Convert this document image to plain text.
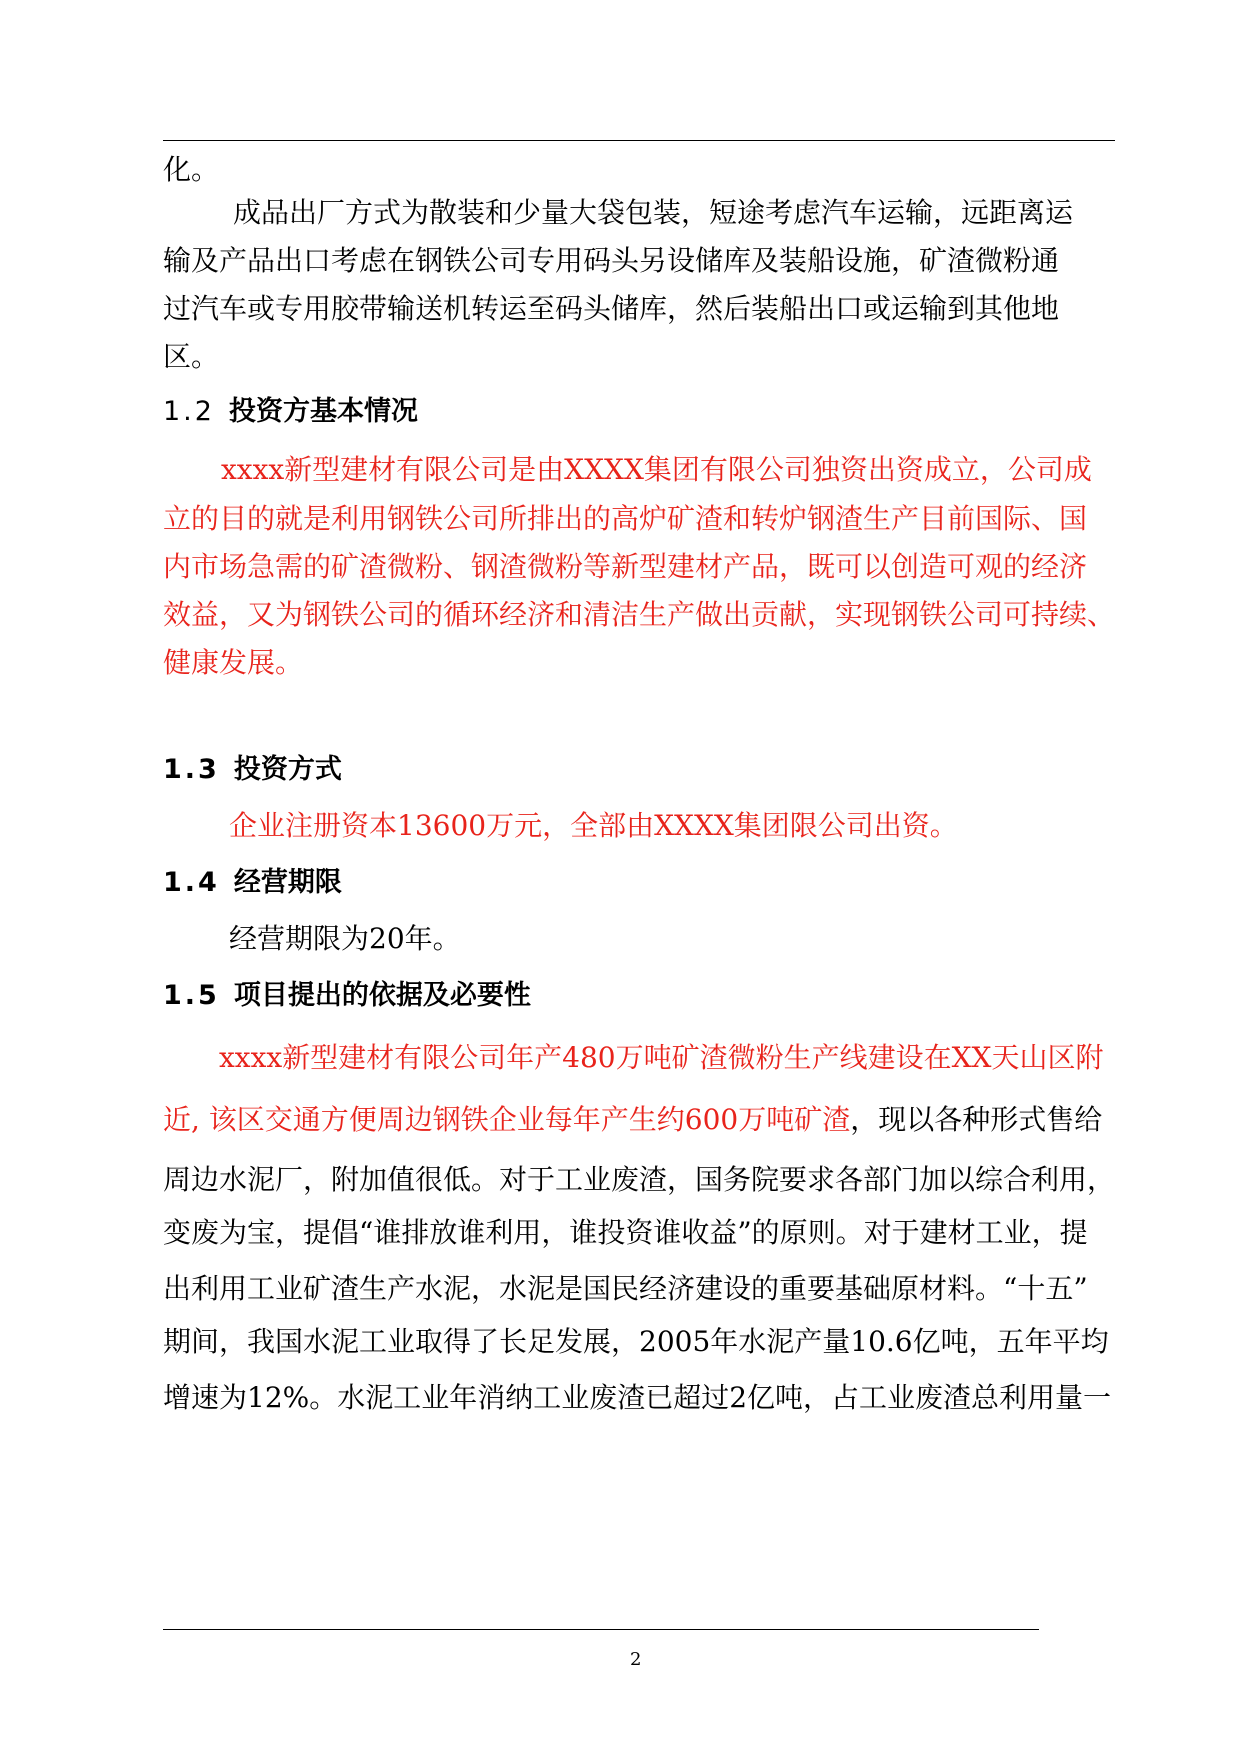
化。
成品出厂方式为散装和少量大袋包装，短途考虑汽车运输，远距离运
输及产品出口考虑在钢铁公司专用码头另设储库及装船设施，矿渣微粉通
过汽车或专用胶带输送机转运至码头储库，然后装船出口或运输到其他地
区。
1.2 投资方基本情况
xxxx新型建材有限公司是由XXXX集团有限公司独资出资成立，公司成
立的目的就是利用钢铁公司所排出的高炉矿渣和转炉钢渣生产目前国际、国
内市场急需的矿渣微粉、钢渣微粉等新型建材产品，既可以创造可观的经济
效益，又为钢铁公司的循环经济和清洁生产做出贡献，实现钢铁公司可持续、
健康发展。
1.3 投资方式
企业注册资本13600万元，全部由XXXX集团限公司出资。
1.4 经营期限
经营期限为20年。
1.5 项目提出的依据及必要性
xxxx新型建材有限公司年产480万吨矿渣微粉生产线建设在XX天山区附
近, 该区交通方便周边钢铁企业每年产生约600万吨矿渣，现以各种形式售给
周边水泥厂，附加值很低。对于工业废渣，国务院要求各部门加以综合利用，
变废为宝，提倡“谁排放谁利用，谁投资谁收益”的原则。对于建材工业，提
出利用工业矿渣生产水泥，水泥是国民经济建设的重要基础原材料。“十五”
期间，我国水泥工业取得了长足发展，2005年水泥产量10.6亿吨，五年平均
增速为12%。水泥工业年消纳工业废渣已超过2亿吨，占工业废渣总利用量一
2
